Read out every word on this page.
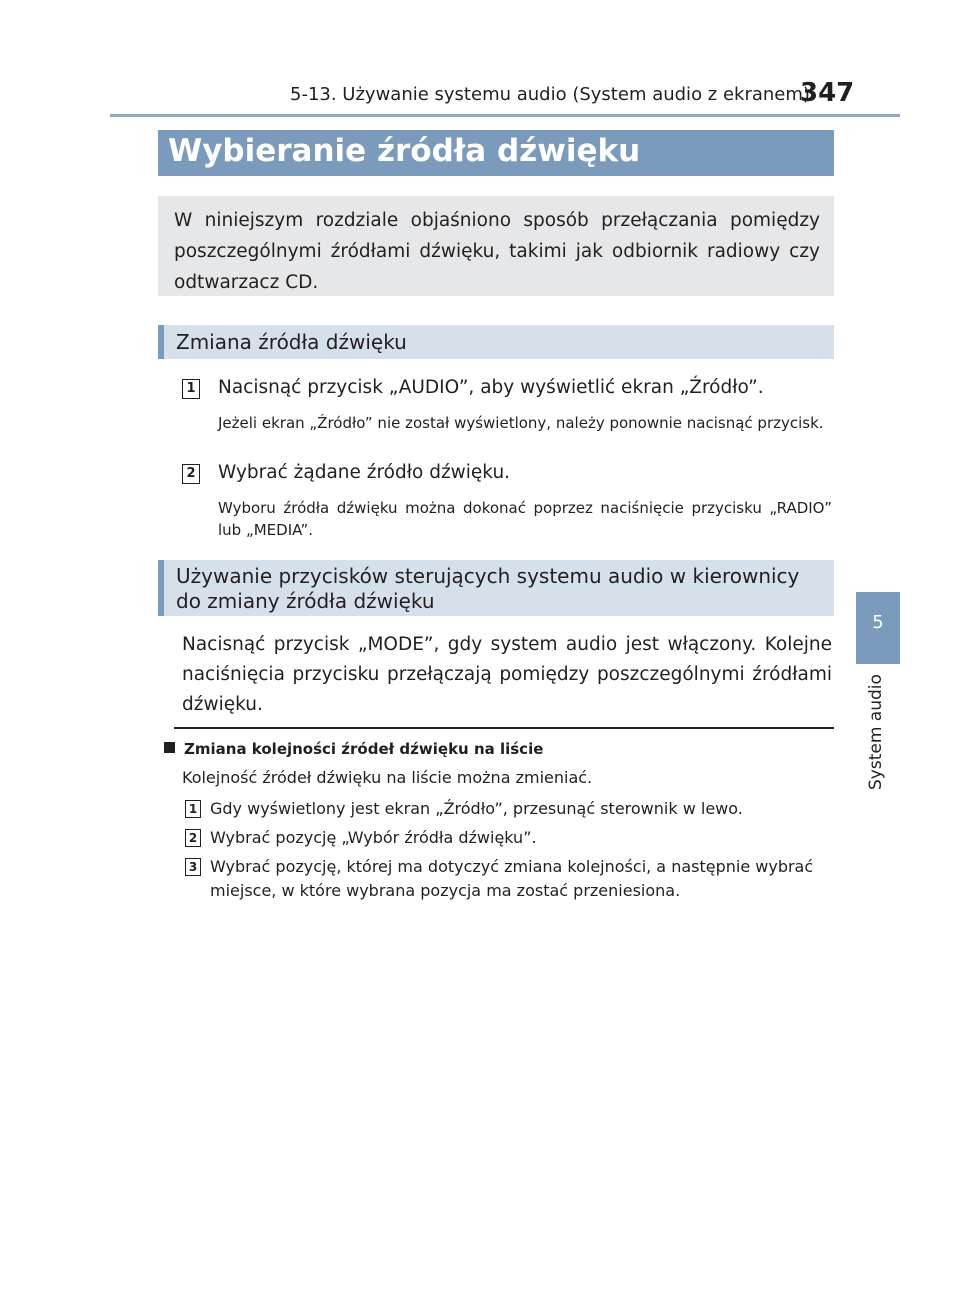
5-13. Używanie systemu audio (System audio z ekranem)
347
5
System audio
Wybieranie źródła dźwięku

W niniejszym rozdziale objaśniono sposób przełączania pomiędzy poszczególnymi źródłami dźwięku, takimi jak odbiornik radiowy czy odtwarzacz CD.

Zmiana źródła dźwięku
1 Nacisnąć przycisk „AUDIO”, aby wyświetlić ekran „Źródło”.
Jeżeli ekran „Źródło” nie został wyświetlony, należy ponownie nacisnąć przycisk.
2 Wybrać żądane źródło dźwięku.
Wyboru źródła dźwięku można dokonać poprzez naciśnięcie przycisku „RADIO” lub „MEDIA”.
Używanie przycisków sterujących systemu audio w kierownicy
do zmiany źródła dźwięku
Nacisnąć przycisk „MODE”, gdy system audio jest włączony. Kolejne naciśnięcia przycisku przełączają pomiędzy poszczególnymi źródłami dźwięku.
Zmiana kolejności źródeł dźwięku na liście
Kolejność źródeł dźwięku na liście można zmieniać.
1 Gdy wyświetlony jest ekran „Źródło”, przesunąć sterownik w lewo.
2 Wybrać pozycję „Wybór źródła dźwięku”.
3 Wybrać pozycję, której ma dotyczyć zmiana kolejności, a następnie wybrać miejsce, w które wybrana pozycja ma zostać przeniesiona.
